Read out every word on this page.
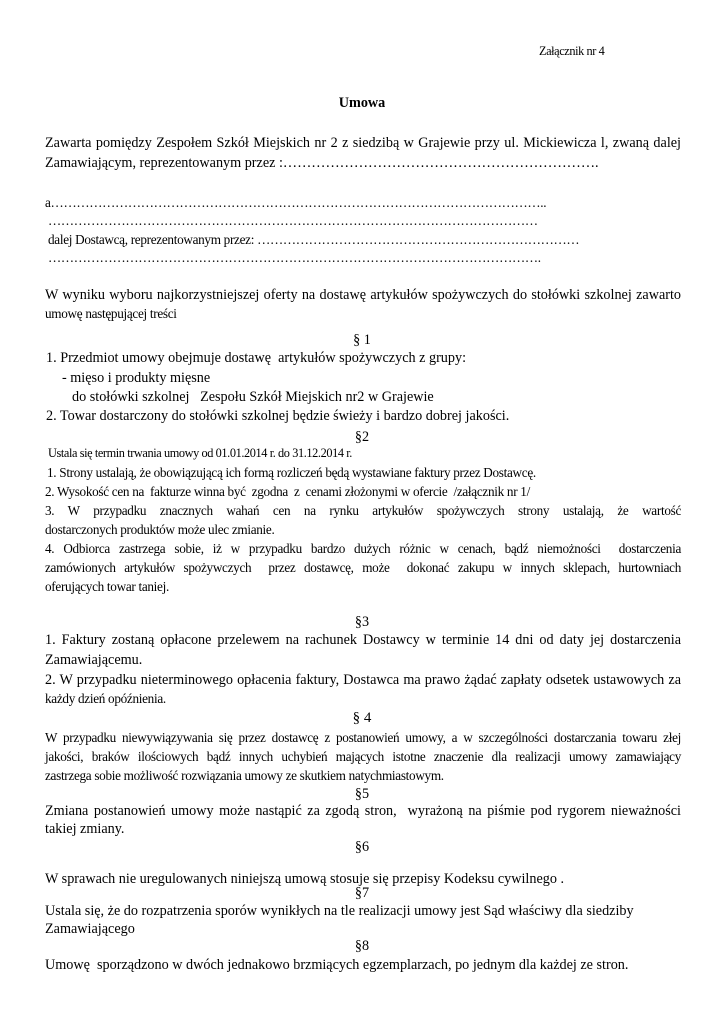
Załącznik nr 4
Umowa
Zawarta pomiędzy Zespołem Szkół Miejskich nr 2 z siedzibą w Grajewie przy ul. Mickiewicza l, zwaną dalej
Zamawiającym, reprezentowanym przez :………………………………………………………….
a……………………………………………………………………………………………………..
……………………………………………………………………………………………………
dalej Dostawcą, reprezentowanym przez: …………………………………………………………………
…………………………………………………………………………………………………….
W wyniku wyboru najkorzystniejszej oferty na dostawę artykułów spożywczych do stołówki szkolnej zawarto
umowę następującej treści
§ 1
1. Przedmiot umowy obejmuje dostawę  artykułów spożywczych z grupy:
- mięso i produkty mięsne
do stołówki szkolnej   Zespołu Szkół Miejskich nr2 w Grajewie
2. Towar dostarczony do stołówki szkolnej będzie świeży i bardzo dobrej jakości.
§2
Ustala się termin trwania umowy od 01.01.2014 r. do 31.12.2014 r.
1. Strony ustalają, że obowiązującą ich formą rozliczeń będą wystawiane faktury przez Dostawcę.
2. Wysokość cen na  fakturze winna być  zgodna  z  cenami złożonymi w ofercie  /załącznik nr 1/
3. W przypadku znacznych wahań cen na rynku artykułów spożywczych strony ustalają, że wartość
dostarczonych produktów może ulec zmianie.
4. Odbiorca zastrzega sobie, iż w przypadku bardzo dużych różnic w cenach, bądź niemożności  dostarczenia
zamówionych artykułów spożywczych  przez dostawcę, może  dokonać zakupu w innych sklepach, hurtowniach
oferujących towar taniej.
§3
1. Faktury zostaną opłacone przelewem na rachunek Dostawcy w terminie 14 dni od daty jej dostarczenia
Zamawiającemu.
2. W przypadku nieterminowego opłacenia faktury, Dostawca ma prawo żądać zapłaty odsetek ustawowych za
każdy dzień opóźnienia.
§ 4
W przypadku niewywiązywania się przez dostawcę z postanowień umowy, a w szczególności dostarczania towaru złej
jakości, braków ilościowych bądź innych uchybień mających istotne znaczenie dla realizacji umowy zamawiający
zastrzega sobie możliwość rozwiązania umowy ze skutkiem natychmiastowym.
§5
Zmiana postanowień umowy może nastąpić za zgodą stron,  wyrażoną na piśmie pod rygorem nieważności
takiej zmiany.
§6
W sprawach nie uregulowanych niniejszą umową stosuje się przepisy Kodeksu cywilnego .
§7
Ustala się, że do rozpatrzenia sporów wynikłych na tle realizacji umowy jest Sąd właściwy dla siedziby
Zamawiającego
§8
Umowę  sporządzono w dwóch jednakowo brzmiących egzemplarzach, po jednym dla każdej ze stron.
